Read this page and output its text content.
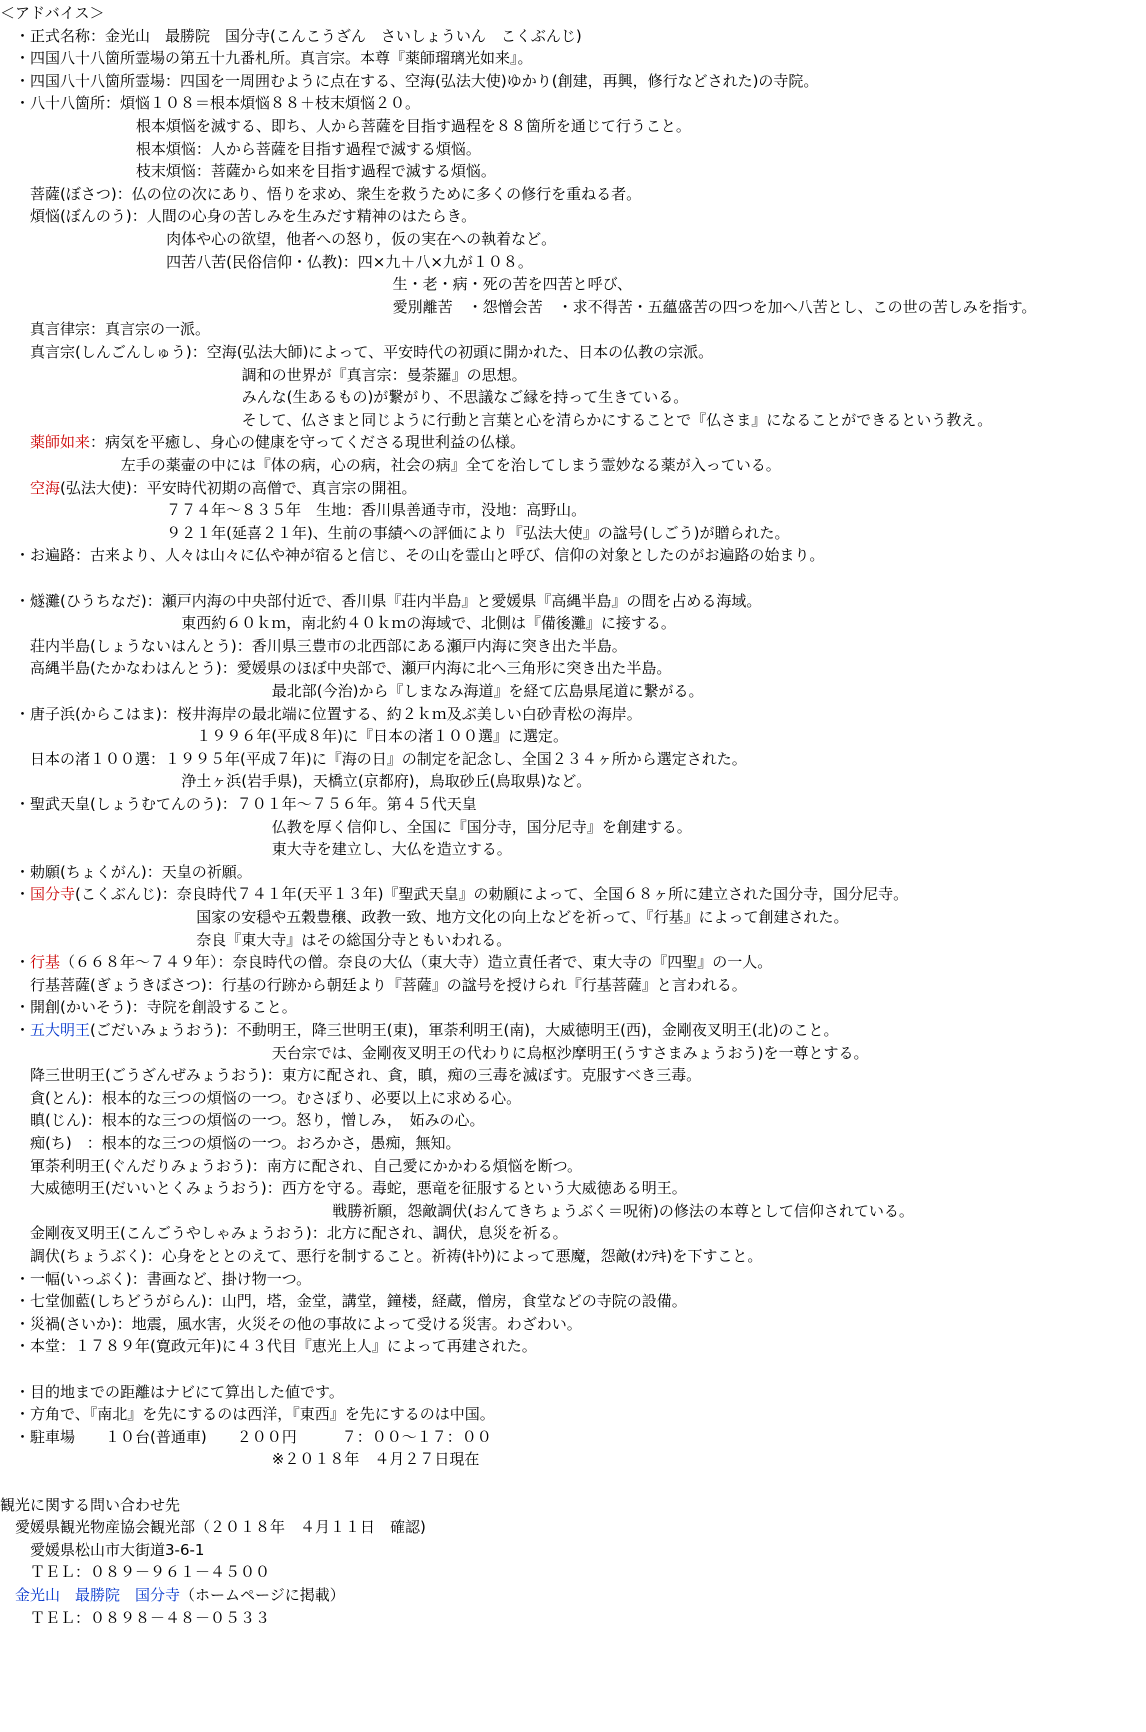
＜アドバイス＞
　・正式名称：金光山　最勝院　国分寺(こんこうざん　さいしょういん　こくぶんじ)
　・四国八十八箇所霊場の第五十九番札所。真言宗。本尊『薬師瑠璃光如来』。
　・四国八十八箇所霊場：四国を一周囲むように点在する、空海(弘法大使)ゆかり(創建，再興，修行などされた)の寺院。
　・八十八箇所：煩悩１０８＝根本煩悩８８＋枝末煩悩２０。
根本煩悩を滅する、即ち、人から菩薩を目指す過程を８８箇所を通じて行うこと。
根本煩悩：人から菩薩を目指す過程で滅する煩悩。
枝末煩悩：菩薩から如来を目指す過程で滅する煩悩。
　　菩薩(ぼさつ)：仏の位の次にあり、悟りを求め、衆生を救うために多くの修行を重ねる者。
　　煩悩(ぼんのう)：人間の心身の苦しみを生みだす精神のはたらき。
肉体や心の欲望，他者への怒り，仮の実在への執着など。
四苦八苦(民俗信仰・仏教)：四×九＋八×九が１０８。
生・老・病・死の苦を四苦と呼び、
愛別離苦　・怨憎会苦　・求不得苦・五蘊盛苦の四つを加へ八苦とし、この世の苦しみを指す。
　　真言律宗：真言宗の一派。
　　真言宗(しんごんしゅう)：空海(弘法大師)によって、平安時代の初頭に開かれた、日本の仏教の宗派。
調和の世界が『真言宗：曼荼羅』の思想。
みんな(生あるもの)が繋がり、不思議なご縁を持って生きている。
そして、仏さまと同じように行動と言葉と心を清らかにすることで『仏さま』になることができるという教え。
　　薬師如来：病気を平癒し、身心の健康を守ってくださる現世利益の仏様。
左手の薬壷の中には『体の病，心の病，社会の病』全てを治してしまう霊妙なる薬が入っている。
　　空海(弘法大使)：平安時代初期の高僧で、真言宗の開祖。
７７４年～８３５年　生地：香川県善通寺市，没地：高野山。
９２１年(延喜２１年)、生前の事績への評価により『弘法大使』の諡号(しごう)が贈られた。
　・お遍路：古来より、人々は山々に仏や神が宿ると信じ、その山を霊山と呼び、信仰の対象としたのがお遍路の始まり。
　・燧灘(ひうちなだ)：瀬戸内海の中央部付近で、香川県『荘内半島』と愛媛県『高縄半島』の間を占める海域。
東西約６０ｋｍ，南北約４０ｋｍの海域で、北側は『備後灘』に接する。
　　荘内半島(しょうないはんとう)：香川県三豊市の北西部にある瀬戸内海に突き出た半島。
　　高縄半島(たかなわはんとう)：愛媛県のほぼ中央部で、瀬戸内海に北へ三角形に突き出た半島。
最北部(今治)から『しまなみ海道』を経て広島県尾道に繋がる。
　・唐子浜(からこはま)：桜井海岸の最北端に位置する、約２ｋｍ及ぶ美しい白砂青松の海岸。
１９９６年(平成８年)に『日本の渚１００選』に選定。
　　日本の渚１００選：１９９５年(平成７年)に『海の日』の制定を記念し、全国２３４ヶ所から選定された。
浄土ヶ浜(岩手県)，天橋立(京都府)，鳥取砂丘(鳥取県)など。
　・聖武天皇(しょうむてんのう)：７０１年～７５６年。第４５代天皇
仏教を厚く信仰し、全国に『国分寺，国分尼寺』を創建する。
東大寺を建立し、大仏を造立する。
　・勅願(ちょくがん)：天皇の祈願。
　・国分寺(こくぶんじ)：奈良時代７４１年(天平１３年)『聖武天皇』の勅願によって、全国６８ヶ所に建立された国分寺，国分尼寺。
国家の安穏や五穀豊穣、政教一致、地方文化の向上などを祈って、『行基』によって創建された。
奈良『東大寺』はその総国分寺ともいわれる。
　・行基（６６８年～７４９年）：奈良時代の僧。奈良の大仏（東大寺）造立責任者で、東大寺の『四聖』の一人。
　　行基菩薩(ぎょうきぼさつ)：行基の行跡から朝廷より『菩薩』の諡号を授けられ『行基菩薩』と言われる。
　・開創(かいそう)：寺院を創設すること。
　・五大明王(ごだいみょうおう)：不動明王，降三世明王(東)，軍荼利明王(南)，大威徳明王(西)，金剛夜叉明王(北)のこと。
天台宗では、金剛夜叉明王の代わりに烏枢沙摩明王(うすさまみょうおう)を一尊とする。
　　降三世明王(ごうざんぜみょうおう)：東方に配され、貪，瞋，痴の三毒を滅ぼす。克服すべき三毒。
　　貪(とん)：根本的な三つの煩悩の一つ。むさぼり、必要以上に求める心。
　　瞋(じん)：根本的な三つの煩悩の一つ。怒り，憎しみ，　妬みの心。
　　痴(ち)　：根本的な三つの煩悩の一つ。おろかさ，愚痴，無知。
　　軍荼利明王(ぐんだりみょうおう)：南方に配され、自己愛にかかわる煩悩を断つ。
　　大威徳明王(だいいとくみょうおう)：西方を守る。毒蛇，悪竜を征服するという大威徳ある明王。
戦勝祈願，怨敵調伏(おんてきちょうぶく＝呪術)の修法の本尊として信仰されている。
　　金剛夜叉明王(こんごうやしゃみょうおう)：北方に配され、調伏，息災を祈る。
　　調伏(ちょうぶく)：心身をととのえて、悪行を制すること。祈祷(ｷﾄｳ)によって悪魔，怨敵(ｵﾝﾃｷ)を下すこと。
　・一幅(いっぷく)：書画など、掛け物一つ。
　・七堂伽藍(しちどうがらん)：山門，塔，金堂，講堂，鐘楼，経蔵，僧房，食堂などの寺院の設備。
　・災禍(さいか)：地震，風水害，火災その他の事故によって受ける災害。わざわい。
　・本堂：１７８９年(寛政元年)に４３代目『恵光上人』によって再建された。
　・目的地までの距離はナビにて算出した値です。
　・方角で、『南北』を先にするのは西洋，『東西』を先にするのは中国。
　・駐車場　　１０台(普通車)　　２００円　　　７：００～１７：００
※２０１８年　４月２７日現在
観光に関する問い合わせ先
　愛媛県観光物産協会観光部（２０１８年　４月１１日　確認)
　　愛媛県松山市大街道3-6-1
　　ＴＥＬ：０８９－９６１－４５００
　金光山　最勝院　国分寺（ホームページに掲載）
　　ＴＥＬ：０８９８－４８－０５３３
